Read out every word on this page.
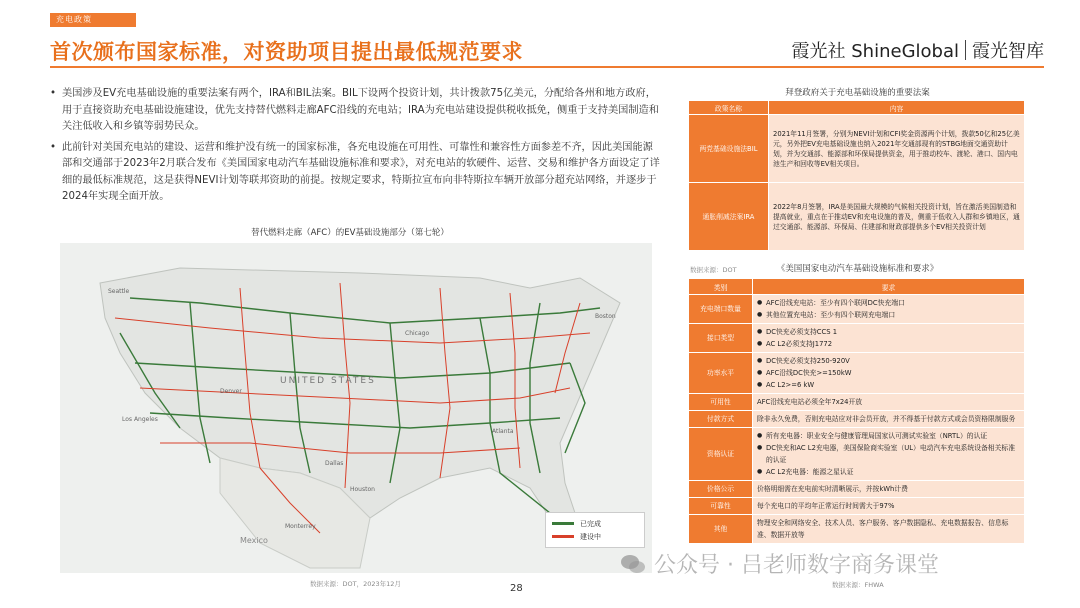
充电政策
首次颁布国家标准，对资助项目提出最低规范要求	霞光社 ShineGlobal 霞光智库
• 美国涉及EV充电基础设施的重要法案有两个，IRA和BIL法案。BIL下设两个投资计划，共计拨款75亿美元，分配给各州和地方政府，用于直接资助充电基础设施建设，优先支持替代燃料走廊AFC沿线的充电站；IRA为充电站建设提供税收抵免，侧重于支持美国制造和关注低收入和乡镇等弱势民众。
• 此前针对美国充电站的建设、运营和维护没有统一的国家标准，各充电设施在可用性、可靠性和兼容性方面参差不齐，因此美国能源部和交通部于2023年2月联合发布《美国国家电动汽车基础设施标准和要求》，对充电站的软硬件、运营、交易和维护各方面设定了详细的最低标准规范，这是获得NEVI计划等联邦资助的前提。按规定要求，特斯拉宣布向非特斯拉车辆开放部分超充站网络，并逐步于2024年实现全面开放。
替代燃料走廊（AFC）的EV基础设施部分（第七轮）
UNITED STATES
Mexico
Seattle
Denver
Chicago
Dallas
Houston
Atlanta
Boston
Los Angeles
Monterrey	已完成
建设中
数据来源：DOT，2023年12月
拜登政府关于充电基础设施的重要法案
政策名称	内容
两党基础设施法BIL	2021年11月签署，分别为NEVI计划和CFI奖金资源两个计划，拨款50亿和25亿美元，另外把EV充电基础设施也纳入2021年交通部现有的STBG地面交通资助计划，并为交通部、能源部和环保局提供资金，用于推动校车、渡轮、港口、国内电池生产和回收等EV相关项目。
通胀削减法案IRA	2022年8月签署，IRA是美国最大规模的气候相关投资计划，旨在激活美国制造和提高就业，重点在于推动EV和充电设施的普及，侧重于低收入人群和乡镇地区，通过交通部、能源部、环保局、住建部和财政部提供多个EV相关投资计划
数据来源：DOT	《美国国家电动汽车基础设施标准和要求》
类别	要求
充电端口数量	● AFC沿线充电站：至少有四个联网DC快充端口
● 其他位置充电站：至少有四个联网充电端口

接口类型	● DC快充必须支持CCS 1
● AC L2必须支持J1772

功率水平	● DC快充必须支持250-920V
● AFC沿线DC快充>=150kW
● AC L2>=6 kW

可用性	AFC沿线充电站必须全年7x24开放
付款方式	除非永久免费，否则充电站应对非会员开放，并不得基于付款方式或会员资格限制服务
资格认证	● 所有充电器：职业安全与健康管理局国家认可测试实验室（NRTL）的认证
● DC快充和AC L2充电器，美国保险商实验室（UL）电动汽车充电系统设备相关标准的认证
● AC L2充电器：能源之星认证

价格公示	价格明细需在充电前实时清晰展示，并按kWh计费
可靠性	每个充电口的平均年正常运行时间需大于97%
其他	物理安全和网络安全、技术人员、客户服务、客户数据隐私、充电数据报告、信息标准、数据开放等
数据来源：FHWA
28
公众号 · 吕老师数字商务课堂
